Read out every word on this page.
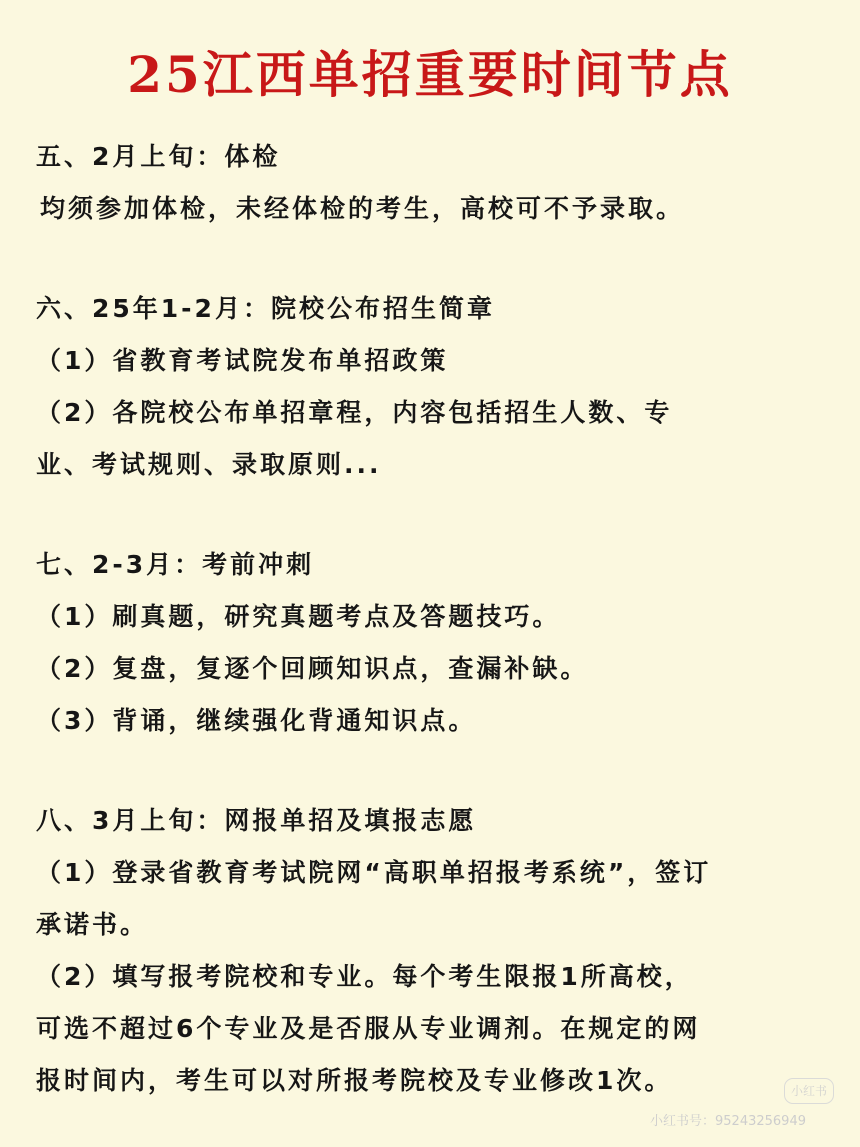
25江西单招重要时间节点
五、2月上旬：体检
均须参加体检，未经体检的考生，高校可不予录取。
六、25年1-2月：院校公布招生简章
（1）省教育考试院发布单招政策
（2）各院校公布单招章程，内容包括招生人数、专
业、考试规则、录取原则...
七、2-3月：考前冲刺
（1）刷真题，研究真题考点及答题技巧。
（2）复盘，复逐个回顾知识点，查漏补缺。
（3）背诵，继续强化背通知识点。
八、3月上旬：网报单招及填报志愿
（1）登录省教育考试院网“高职单招报考系统”，签订
承诺书。
（2）填写报考院校和专业。每个考生限报1所高校，
可选不超过6个专业及是否服从专业调剂。在规定的网
报时间内，考生可以对所报考院校及专业修改1次。	小红书
小红书号：95243256949
